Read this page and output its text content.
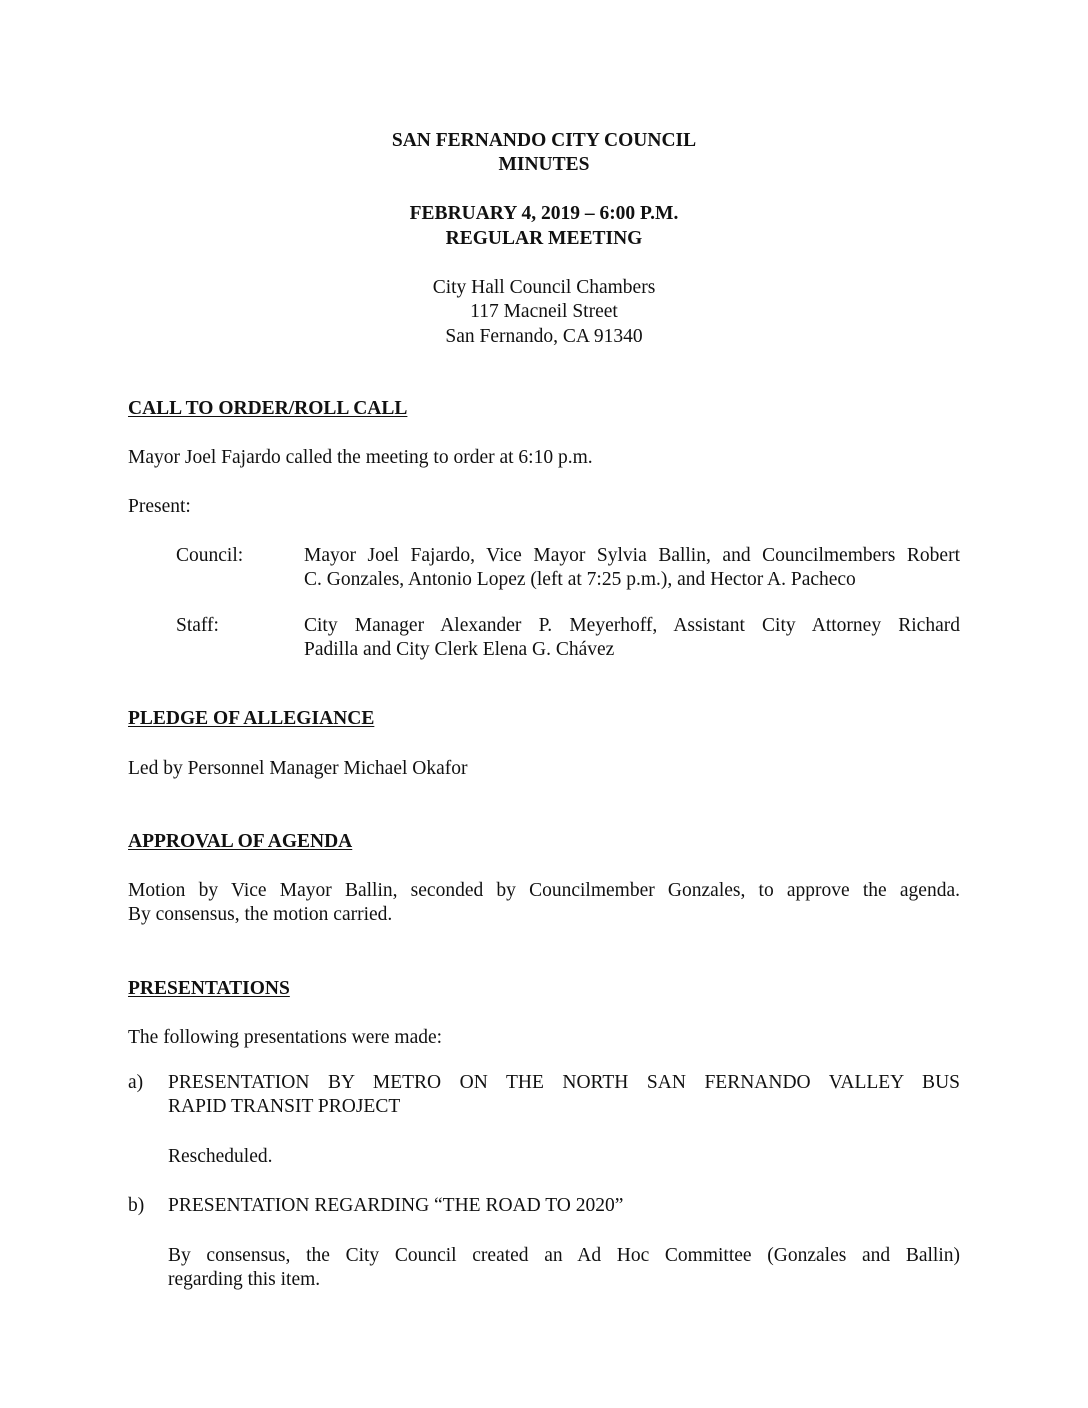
SAN FERNANDO CITY COUNCIL
MINUTES
FEBRUARY 4, 2019 – 6:00 P.M.
REGULAR MEETING
City Hall Council Chambers
117 Macneil Street
San Fernando, CA 91340
CALL TO ORDER/ROLL CALL
Mayor Joel Fajardo called the meeting to order at 6:10 p.m.
Present:
Council:	Mayor Joel Fajardo, Vice Mayor Sylvia Ballin, and Councilmembers Robert
C. Gonzales, Antonio Lopez (left at 7:25 p.m.), and Hector A. Pacheco
Staff:	City Manager Alexander P. Meyerhoff, Assistant City Attorney Richard
Padilla and City Clerk Elena G. Chávez
PLEDGE OF ALLEGIANCE
Led by Personnel Manager Michael Okafor
APPROVAL OF AGENDA
Motion by Vice Mayor Ballin, seconded by Councilmember Gonzales, to approve the agenda.
By consensus, the motion carried.
PRESENTATIONS
The following presentations were made:
a) PRESENTATION BY METRO ON THE NORTH SAN FERNANDO VALLEY BUS
RAPID TRANSIT PROJECT
Rescheduled.
b) PRESENTATION REGARDING “THE ROAD TO 2020”
By consensus, the City Council created an Ad Hoc Committee (Gonzales and Ballin)
regarding this item.
